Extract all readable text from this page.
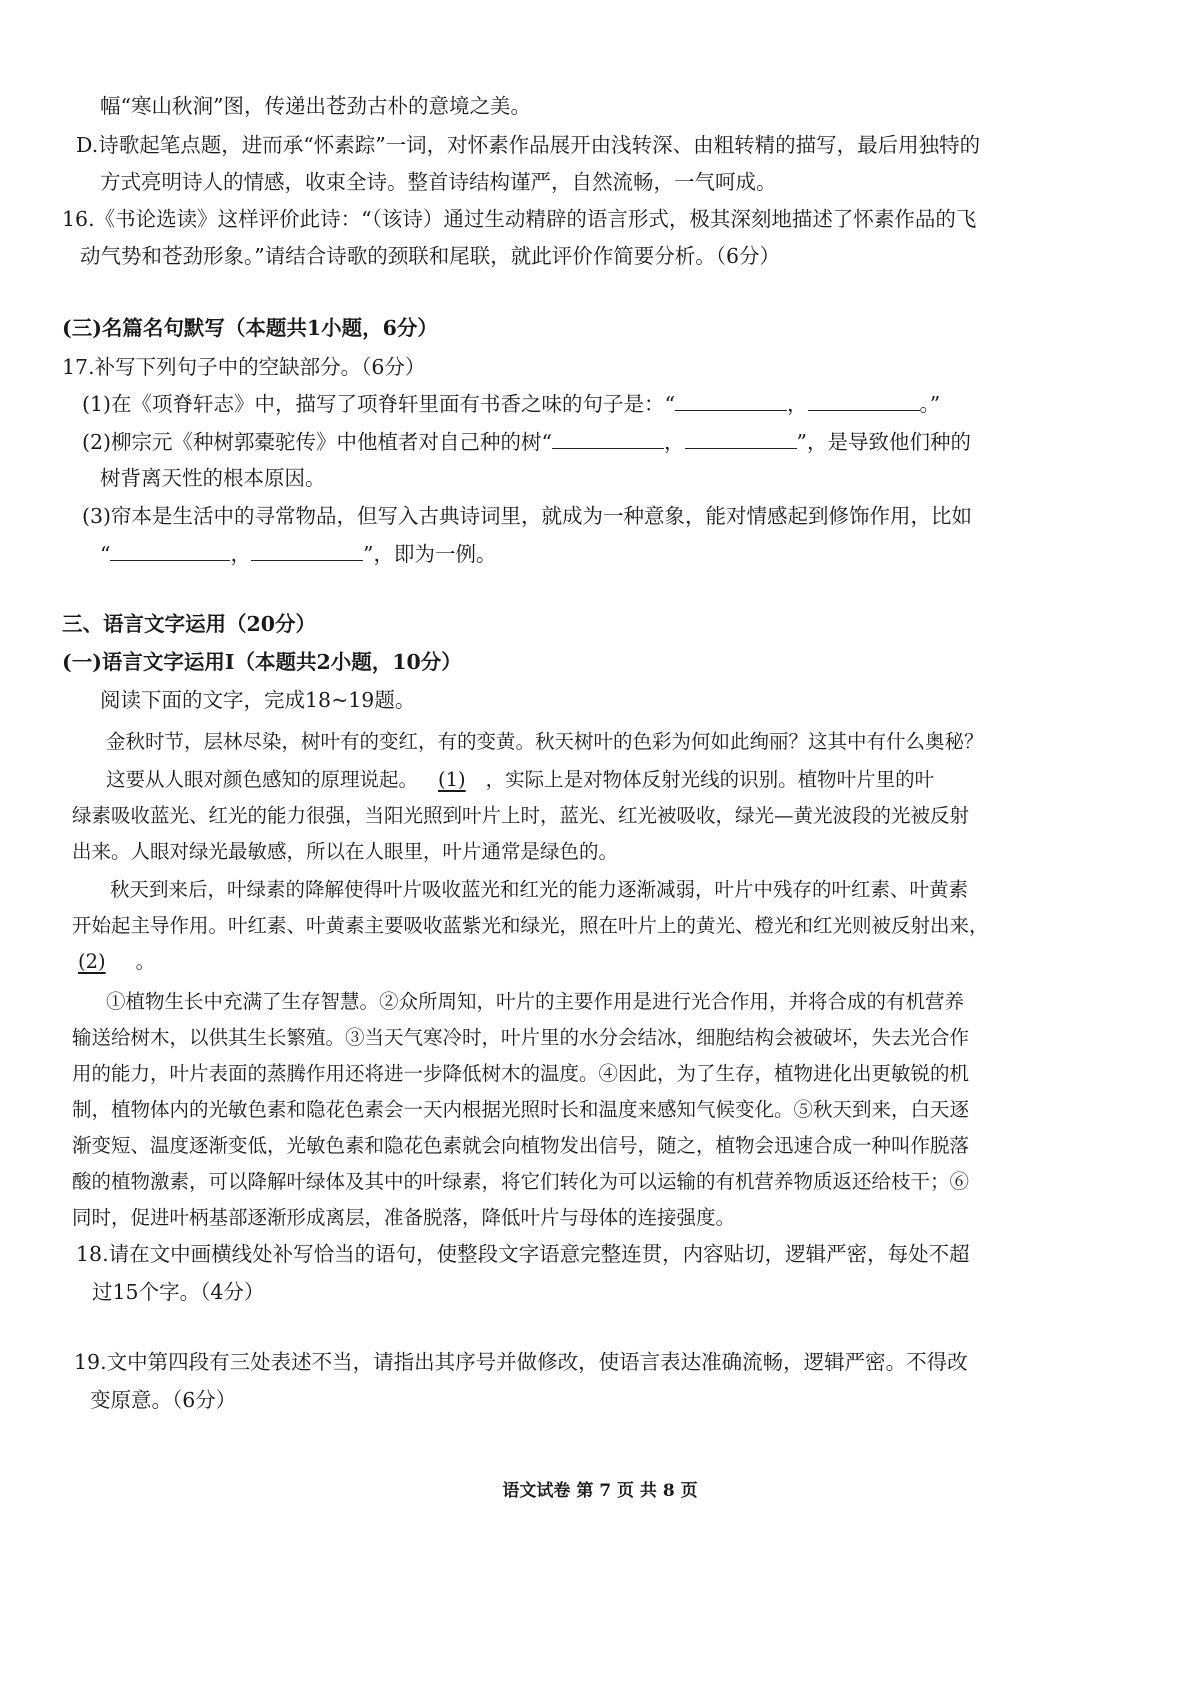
幅“寒山秋涧”图，传递出苍劲古朴的意境之美。

D.诗歌起笔点题，进而承“怀素踪”一词，对怀素作品展开由浅转深、由粗转精的描写，最后用独特的

方式亮明诗人的情感，收束全诗。整首诗结构谨严，自然流畅，一气呵成。

16.《书论选读》这样评价此诗：“（该诗）通过生动精辟的语言形式，极其深刻地描述了怀素作品的飞

动气势和苍劲形象。”请结合诗歌的颈联和尾联，就此评价作简要分析。（6分）

(三)名篇名句默写（本题共1小题，6分）

17.补写下列句子中的空缺部分。（6分）

(1)在《项脊轩志》中，描写了项脊轩里面有书香之味的句子是：“	，	。”

(2)柳宗元《种树郭橐驼传》中他植者对自己种的树“	，	”，是导致他们种的

树背离天性的根本原因。

(3)帘本是生活中的寻常物品，但写入古典诗词里，就成为一种意象，能对情感起到修饰作用，比如

“	，	”，即为一例。

三、语言文字运用（20分）

(一)语言文字运用Ⅰ（本题共2小题，10分）

阅读下面的文字，完成18~19题。

金秋时节，层林尽染，树叶有的变红，有的变黄。秋天树叶的色彩为何如此绚丽？这其中有什么奥秘？

这要从人眼对颜色感知的原理说起。 (1) ，实际上是对物体反射光线的识别。植物叶片里的叶

绿素吸收蓝光、红光的能力很强，当阳光照到叶片上时，蓝光、红光被吸收，绿光—黄光波段的光被反射

出来。人眼对绿光最敏感，所以在人眼里，叶片通常是绿色的。

秋天到来后，叶绿素的降解使得叶片吸收蓝光和红光的能力逐渐减弱，叶片中残存的叶红素、叶黄素

开始起主导作用。叶红素、叶黄素主要吸收蓝紫光和绿光，照在叶片上的黄光、橙光和红光则被反射出来，

(2) 。

①植物生长中充满了生存智慧。②众所周知，叶片的主要作用是进行光合作用，并将合成的有机营养

输送给树木，以供其生长繁殖。③当天气寒冷时，叶片里的水分会结冰，细胞结构会被破坏，失去光合作

用的能力，叶片表面的蒸腾作用还将进一步降低树木的温度。④因此，为了生存，植物进化出更敏锐的机

制，植物体内的光敏色素和隐花色素会一天内根据光照时长和温度来感知气候变化。⑤秋天到来，白天逐

渐变短、温度逐渐变低，光敏色素和隐花色素就会向植物发出信号，随之，植物会迅速合成一种叫作脱落

酸的植物激素，可以降解叶绿体及其中的叶绿素，将它们转化为可以运输的有机营养物质返还给枝干；⑥

同时，促进叶柄基部逐渐形成离层，准备脱落，降低叶片与母体的连接强度。

18.请在文中画横线处补写恰当的语句，使整段文字语意完整连贯，内容贴切，逻辑严密，每处不超

过15个字。（4分）

19.文中第四段有三处表述不当，请指出其序号并做修改，使语言表达准确流畅，逻辑严密。不得改

变原意。（6分）

语文试卷 第 7 页 共 8 页
